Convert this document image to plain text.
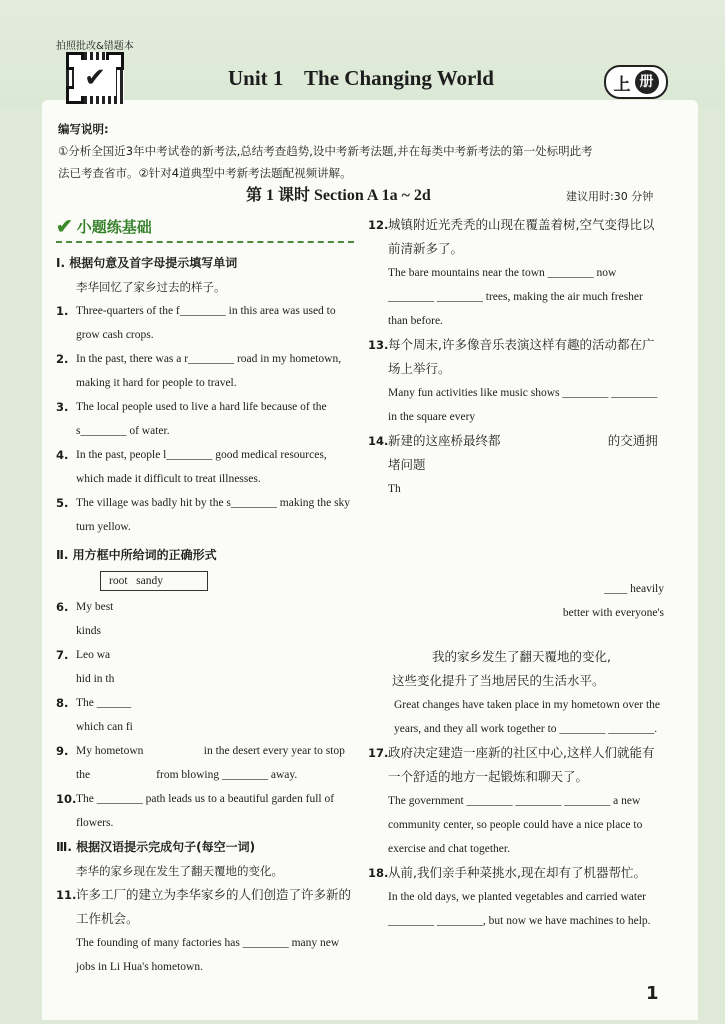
拍照批改&错题本
✔	Unit 1    The Changing World	上 册
编写说明:
①分析全国近3年中考试卷的新考法,总结考查趋势,设中考新考法题,并在每类中考新考法的第一处标明此考
法已考查省市。②针对4道典型中考新考法题配视频讲解。
第 1 课时 Section A 1a ~ 2d	建议用时:30 分钟
✔ 小题练基础
Ⅰ. 根据句意及首字母提示填写单词
李华回忆了家乡过去的样子。
1. Three-quarters of the f________ in this area was used to grow cash crops.
2. In the past, there was a r________ road in my hometown, making it hard for people to travel.
3. The local people used to live a hard life because of the s________ of water.
4. In the past, people l________ good medical resources, which made it difficult to treat illnesses.
5. The village was badly hit by the s________ making the sky turn yellow.
Ⅱ. 用方框中所给词的正确形式
root   sandy
6. My best
kinds
7. Leo wa
hid in th
8. The ______
which can fi
9. My hometown                     in the desert every year to stop the                       from blowing ________ away.
10. The ________ path leads us to a beautiful garden full of flowers.
Ⅲ. 根据汉语提示完成句子(每空一词)
李华的家乡现在发生了翻天覆地的变化。
11. 许多工厂的建立为李华家乡的人们创造了许多新的工作机会。
The founding of many factories has ________ many new jobs in Li Hua's hometown.
12. 城镇附近光秃秃的山现在覆盖着树,空气变得比以前清新多了。
The bare mountains near the town ________ now ________ ________ trees, making the air much fresher than before.
13. 每个周末,许多像音乐表演这样有趣的活动都在广场上举行。
Many fun activities like music shows ________ ________ in the square every
14. 新建的这座桥最终都                           的交通拥堵问题
Th
____ heavily
better with everyone's
我的家乡发生了翻天覆地的变化,
这些变化提升了当地居民的生活水平。
Great changes have taken place in my hometown over the years, and they all work together to ________ ________.
17. 政府决定建造一座新的社区中心,这样人们就能有一个舒适的地方一起锻炼和聊天了。
The government ________ ________ ________ a new community center, so people could have a nice place to exercise and chat together.
18. 从前,我们亲手种菜挑水,现在却有了机器帮忙。
In the old days, we planted vegetables and carried water ________ ________, but now we have machines to help.
1
